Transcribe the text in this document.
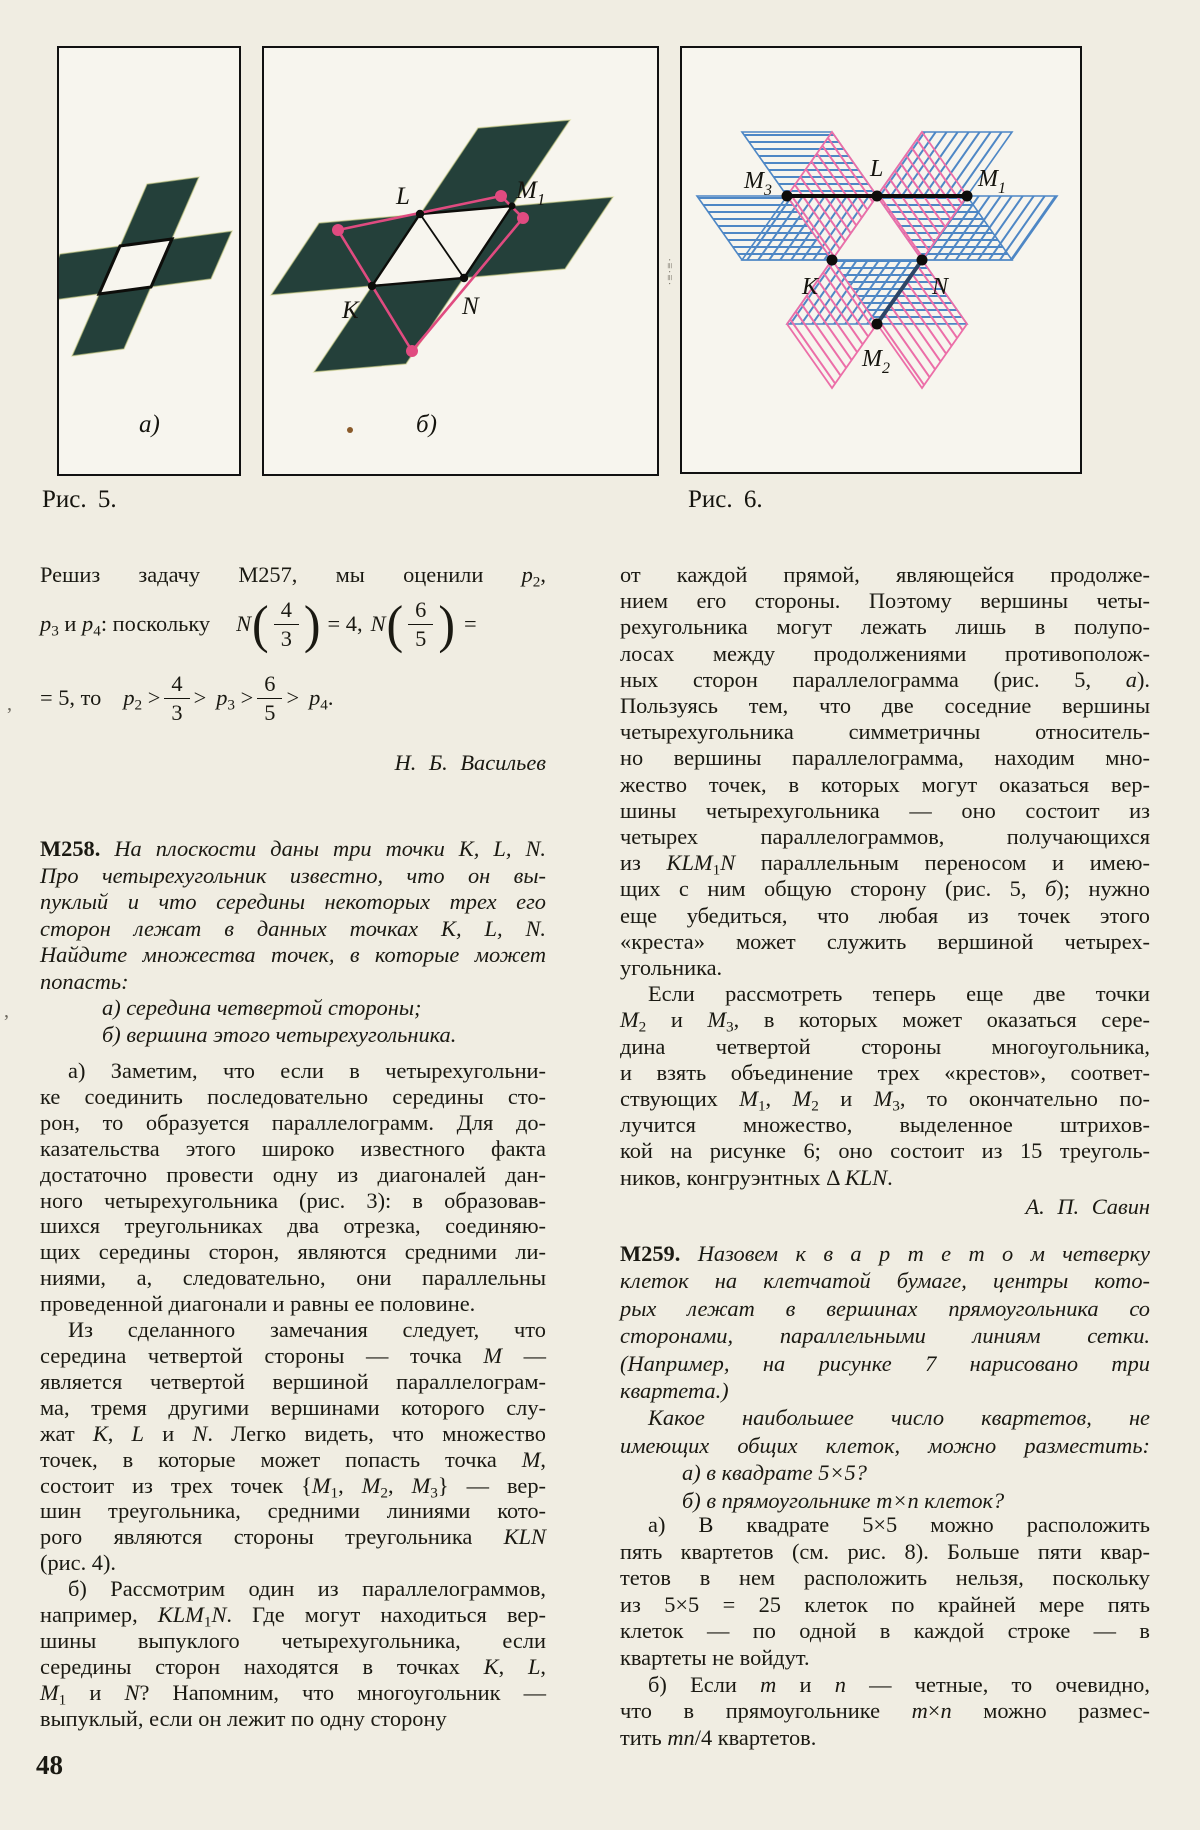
а)
L	$M_1$
K	N
б)
$M_3$
L	$M_1$
K	N
$M_2$
Рис. 5.	Рис. 6.
·≡·≡·
’
,
Решиз задачу М257, мы оценили $p_2$,
$p_3$ и $p_4$: поскольку N ( $\frac{4}{3}$ ) = 4, N ( $\frac{6}{5}$ ) =
= 5, то $p_2 > \frac{4}{3} > p_3 > \frac{6}{5} > p_4$.
Н. Б. Васильев
М258. На плоскости даны три точки K, L, N.
Про четырехугольник известно, что он вы-
пуклый и что середины некоторых трех его
сторон лежат в данных точках K, L, N.
Найдите множества точек, в которые может
попасть:
а) середина четвертой стороны;
б) вершина этого четырехугольника.
а) Заметим, что если в четырехугольни-
ке соединить последовательно середины сто-
рон, то образуется параллелограмм. Для до-
казательства этого широко известного факта
достаточно провести одну из диагоналей дан-
ного четырехугольника (рис. 3): в образовав-
шихся треугольниках два отрезка, соединяю-
щих середины сторон, являются средними ли-
ниями, а, следовательно, они параллельны
проведенной диагонали и равны ее половине.
Из сделанного замечания следует, что
середина четвертой стороны — точка М —
является четвертой вершиной параллелограм-
ма, тремя другими вершинами которого слу-
жат K, L и N. Легко видеть, что множество
точек, в которые может попасть точка М,
состоит из трех точек {$M_1$, $M_2$, $M_3$} — вер-
шин треугольника, средними линиями кото-
рого являются стороны треугольника KLN
(рис. 4).
б) Рассмотрим один из параллелограммов,
например, $KLM_1N$. Где могут находиться вер-
шины выпуклого четырехугольника, если
середины сторон находятся в точках K, L,
$М_1$ и N? Напомним, что многоугольник —
выпуклый, если он лежит по одну сторону
от каждой прямой, являющейся продолже-
нием его стороны. Поэтому вершины четы-
рехугольника могут лежать лишь в полупо-
лосах между продолжениями противополож-
ных сторон параллелограмма (рис. 5, а).
Пользуясь тем, что две соседние вершины
четырехугольника симметричны относитель-
но вершины параллелограмма, находим мно-
жество точек, в которых могут оказаться вер-
шины четырехугольника — оно состоит из
четырех параллелограммов, получающихся
из $KLM_1N$ параллельным переносом и имею-
щих с ним общую сторону (рис. 5, б); нужно
еще убедиться, что любая из точек этого
«креста» может служить вершиной четырех-
угольника.
Если рассмотреть теперь еще две точки
$M_2$ и $M_3$, в которых может оказаться сере-
дина четвертой стороны многоугольника,
и взять объединение трех «крестов», соответ-
ствующих $M_1$, $M_2$ и $M_3$, то окончательно по-
лучится множество, выделенное штрихов-
кой на рисунке 6; оно состоит из 15 треуголь-
ников, конгруэнтных Δ KLN.
А. П. Савин
М259. Назовем к в а р т е т о м четверку
клеток на клетчатой бумаге, центры кото-
рых лежат в вершинах прямоугольника со
сторонами, параллельными линиям сетки.
(Например, на рисунке 7 нарисовано три
квартета.)
Какое наибольшее число квартетов, не
имеющих общих клеток, можно разместить:
а) в квадрате 5×5?
б) в прямоугольнике m×n клеток?
а) В квадрате 5×5 можно расположить
пять квартетов (см. рис. 8). Больше пяти квар-
тетов в нем расположить нельзя, поскольку
из 5×5 = 25 клеток по крайней мере пять
клеток — по одной в каждой строке — в
квартеты не войдут.
б) Если m и n — четные, то очевидно,
что в прямоугольнике m×n можно размес-
тить mn/4 квартетов.
48
